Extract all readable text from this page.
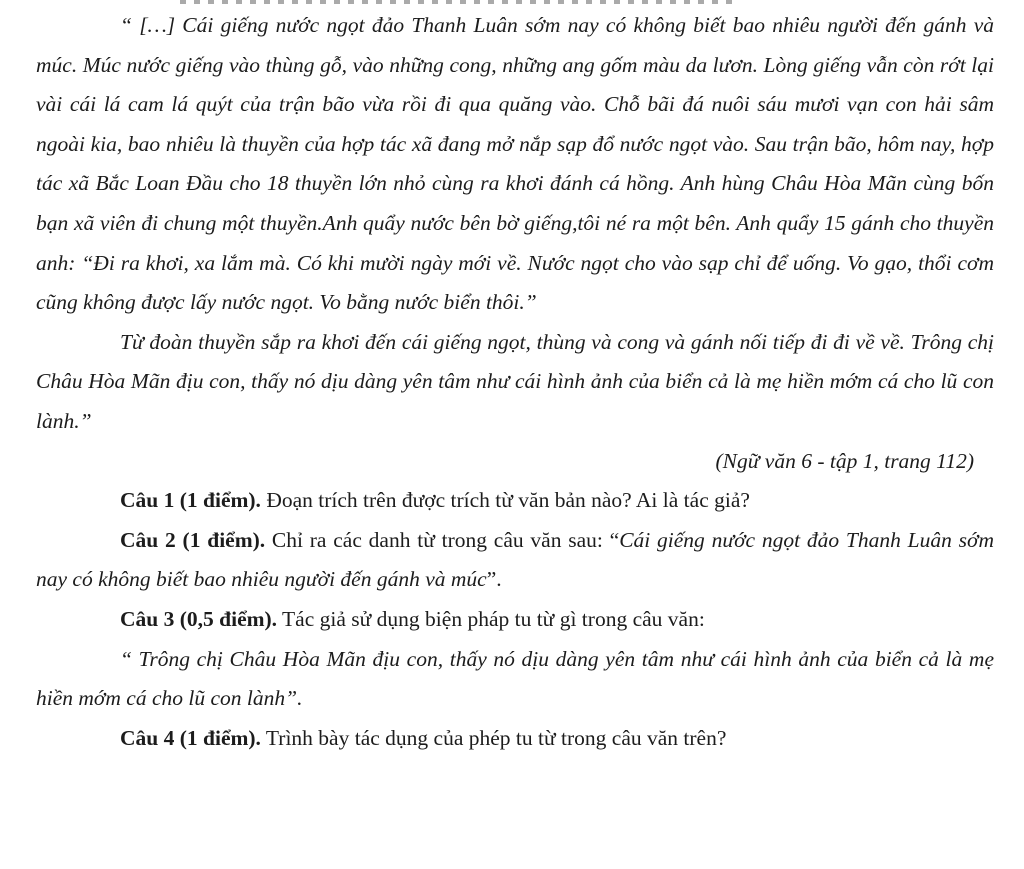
“ […] Cái giếng nước ngọt đảo Thanh Luân sớm nay có không biết bao nhiêu người đến gánh và múc. Múc nước giếng vào thùng gỗ, vào những cong, những ang gốm màu da lươn. Lòng giếng vẫn còn rớt lại vài cái lá cam lá quýt của trận bão vừa rồi đi qua quăng vào. Chỗ bãi đá nuôi sáu mươi vạn con hải sâm ngoài kia, bao nhiêu là thuyền của hợp tác xã đang mở nắp sạp đổ nước ngọt vào. Sau trận bão, hôm nay, hợp tác xã Bắc Loan Đầu cho 18 thuyền lớn nhỏ cùng ra khơi đánh cá hồng. Anh hùng Châu Hòa Mãn cùng bốn bạn xã viên đi chung một thuyền.Anh quẩy nước bên bờ giếng,tôi né ra một bên. Anh quẩy 15 gánh cho thuyền anh: “Đi ra khơi, xa lắm mà. Có khi mười ngày mới về. Nước ngọt cho vào sạp chỉ để uống. Vo gạo, thổi cơm cũng không được lấy nước ngọt. Vo bằng nước biển thôi.”

Từ đoàn thuyền sắp ra khơi đến cái giếng ngọt, thùng và cong và gánh nối tiếp đi đi về về. Trông chị Châu Hòa Mãn địu con, thấy nó dịu dàng yên tâm như cái hình ảnh của biển cả là mẹ hiền mớm cá cho lũ con lành.”

(Ngữ văn 6 - tập 1, trang 112)

Câu 1 (1 điểm). Đoạn trích trên được trích từ văn bản nào? Ai là tác giả?

Câu 2 (1 điểm). Chỉ ra các danh từ trong câu văn sau: “Cái giếng nước ngọt đảo Thanh Luân sớm nay có không biết bao nhiêu người đến gánh và múc”.

Câu 3 (0,5 điểm). Tác giả sử dụng biện pháp tu từ gì trong câu văn:

“ Trông chị Châu Hòa Mãn địu con, thấy nó dịu dàng yên tâm như cái hình ảnh của biển cả là mẹ hiền mớm cá cho lũ con lành”.

Câu 4 (1 điểm). Trình bày tác dụng của phép tu từ trong câu văn trên?
